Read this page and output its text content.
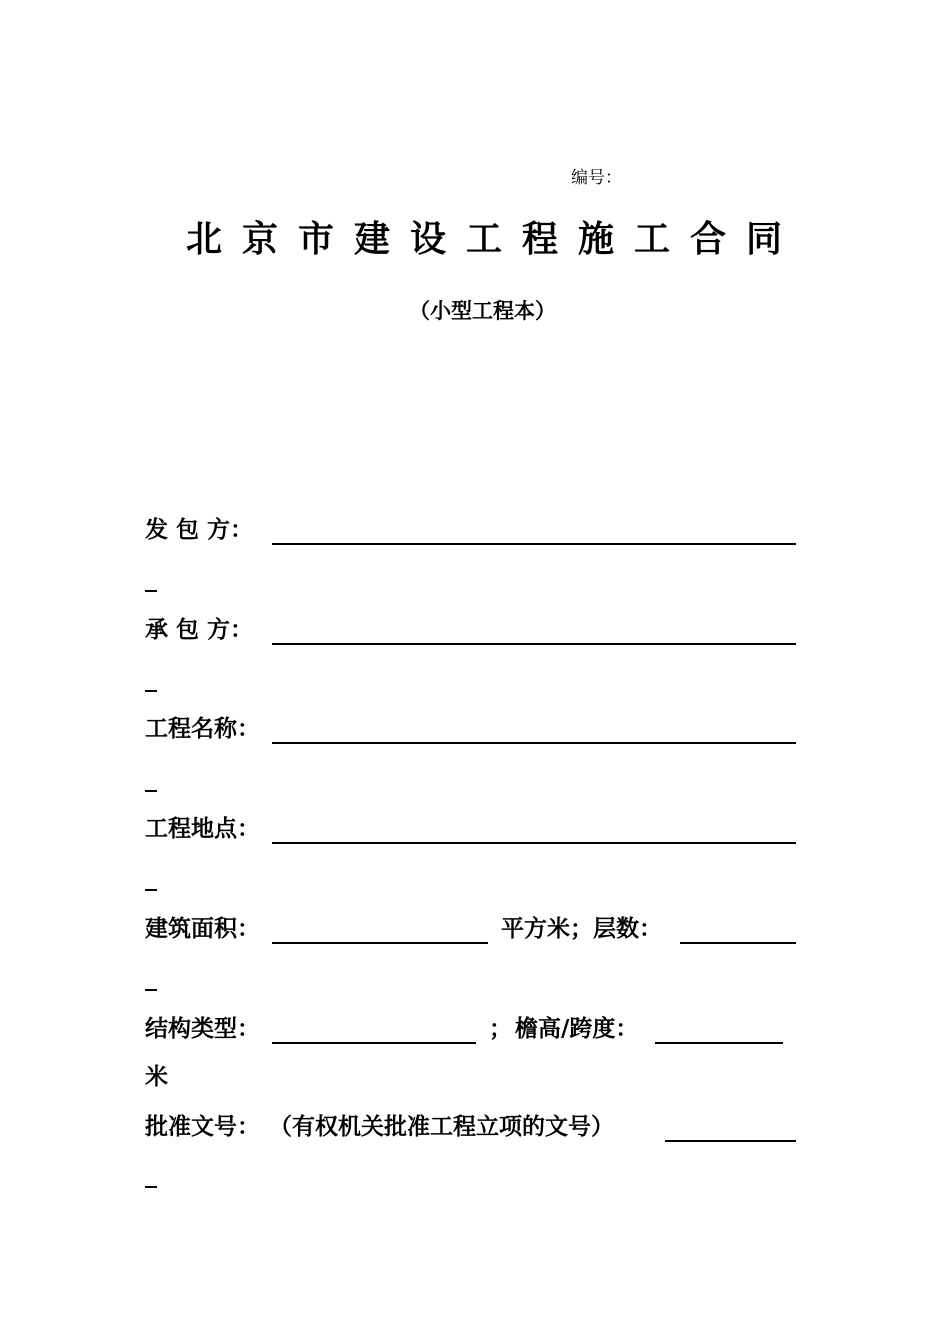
编号：
北京市建设工程施工合同
（小型工程本）
发 包 方：
承 包 方：
工程名称：
工程地点：
建筑面积：	平方米；层数：
结构类型：	； 檐高/跨度：
米
批准文号： （有权机关批准工程立项的文号）
